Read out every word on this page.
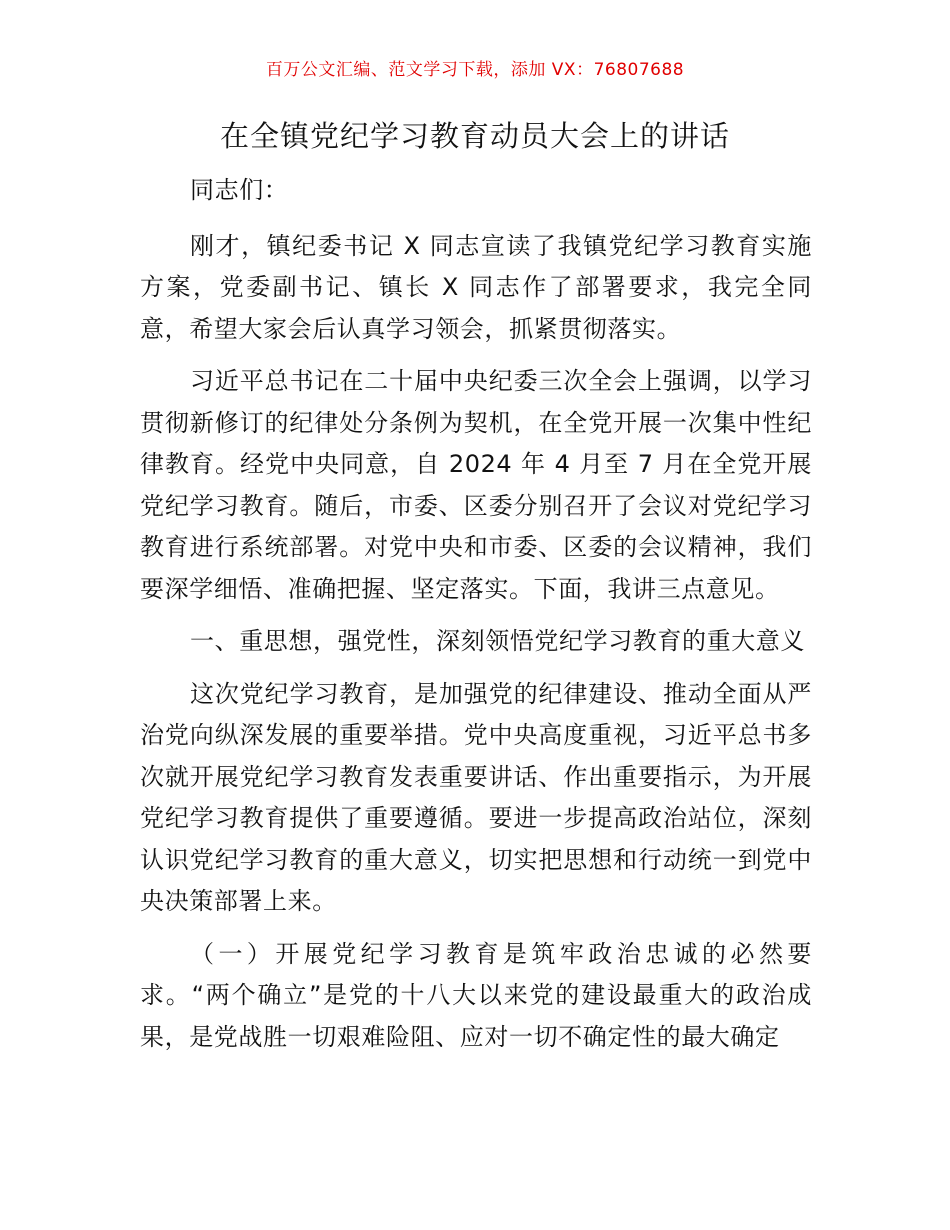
百万公文汇编、范文学习下载，添加 VX：76807688
在全镇党纪学习教育动员大会上的讲话

同志们：

刚才，镇纪委书记 X 同志宣读了我镇党纪学习教育实施方案，党委副书记、镇长 X 同志作了部署要求，我完全同意，希望大家会后认真学习领会，抓紧贯彻落实。

习近平总书记在二十届中央纪委三次全会上强调，以学习贯彻新修订的纪律处分条例为契机，在全党开展一次集中性纪律教育。经党中央同意，自 2024 年 4 月至 7 月在全党开展党纪学习教育。随后，市委、区委分别召开了会议对党纪学习教育进行系统部署。对党中央和市委、区委的会议精神，我们要深学细悟、准确把握、坚定落实。下面，我讲三点意见。

一、重思想，强党性，深刻领悟党纪学习教育的重大意义

这次党纪学习教育，是加强党的纪律建设、推动全面从严治党向纵深发展的重要举措。党中央高度重视，习近平总书多次就开展党纪学习教育发表重要讲话、作出重要指示，为开展党纪学习教育提供了重要遵循。要进一步提高政治站位，深刻认识党纪学习教育的重大意义，切实把思想和行动统一到党中央决策部署上来。

（一）开展党纪学习教育是筑牢政治忠诚的必然要求。“两个确立”是党的十八大以来党的建设最重大的政治成果，是党战胜一切艰难险阻、应对一切不确定性的最大确定
